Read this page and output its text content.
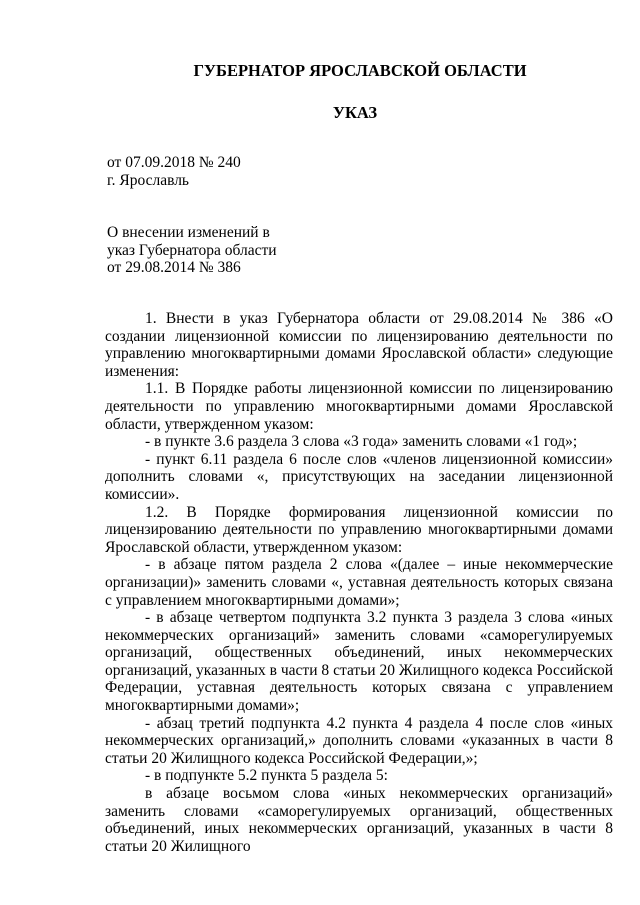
ГУБЕРНАТОР ЯРОСЛАВСКОЙ ОБЛАСТИ
УКАЗ
от 07.09.2018 № 240
г. Ярославль
О внесении изменений в
указ Губернатора области
от 29.08.2014 № 386

1. Внести в указ Губернатора области от 29.08.2014 № 386 «О создании лицензионной комиссии по лицензированию деятельности по управлению многоквартирными домами Ярославской области» следующие изменения:

1.1. В Порядке работы лицензионной комиссии по лицензированию деятельности по управлению многоквартирными домами Ярославской области, утвержденном указом:

- в пункте 3.6 раздела 3 слова «3 года» заменить словами «1 год»;

- пункт 6.11 раздела 6 после слов «членов лицензионной комиссии» дополнить словами «, присутствующих на заседании лицензионной комиссии».

1.2. В Порядке формирования лицензионной комиссии по лицензированию деятельности по управлению многоквартирными домами Ярославской области, утвержденном указом:

- в абзаце пятом раздела 2 слова «(далее – иные некоммерческие организации)» заменить словами «, уставная деятельность которых связана с управлением многоквартирными домами»;

- в абзаце четвертом подпункта 3.2 пункта 3 раздела 3 слова «иных некоммерческих организаций» заменить словами «саморегулируемых организаций, общественных объединений, иных некоммерческих организаций, указанных в части 8 статьи 20 Жилищного кодекса Российской Федерации, уставная деятельность которых связана с управлением многоквартирными домами»;

- абзац третий подпункта 4.2 пункта 4 раздела 4 после слов «иных некоммерческих организаций,» дополнить словами «указанных в части 8 статьи 20 Жилищного кодекса Российской Федерации,»;

- в подпункте 5.2 пункта 5 раздела 5:

в абзаце восьмом слова «иных некоммерческих организаций» заменить словами «саморегулируемых организаций, общественных объединений, иных некоммерческих организаций, указанных в части 8 статьи 20 Жилищного
